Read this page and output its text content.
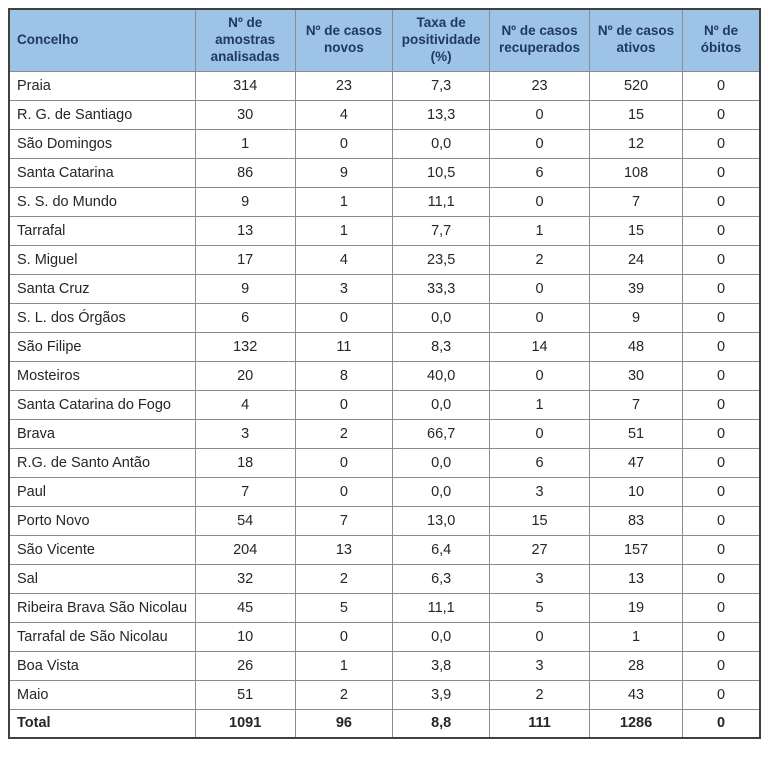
Concelho	Nº de amostras analisadas	Nº de casos novos	Taxa de positividade (%)	Nº de casos recuperados	Nº de casos ativos	Nº de óbitos
Praia	314	23	7,3	23	520	0
R. G. de Santiago	30	4	13,3	0	15	0
São Domingos	1	0	0,0	0	12	0
Santa Catarina	86	9	10,5	6	108	0
S. S. do Mundo	9	1	11,1	0	7	0
Tarrafal	13	1	7,7	1	15	0
S. Miguel	17	4	23,5	2	24	0
Santa Cruz	9	3	33,3	0	39	0
S. L. dos Órgãos	6	0	0,0	0	9	0
São Filipe	132	11	8,3	14	48	0
Mosteiros	20	8	40,0	0	30	0
Santa Catarina do Fogo	4	0	0,0	1	7	0
Brava	3	2	66,7	0	51	0
R.G. de Santo Antão	18	0	0,0	6	47	0
Paul	7	0	0,0	3	10	0
Porto Novo	54	7	13,0	15	83	0
São Vicente	204	13	6,4	27	157	0
Sal	32	2	6,3	3	13	0
Ribeira Brava São Nicolau	45	5	11,1	5	19	0
Tarrafal de São Nicolau	10	0	0,0	0	1	0
Boa Vista	26	1	3,8	3	28	0
Maio	51	2	3,9	2	43	0
Total	1091	96	8,8	111	1286	0
